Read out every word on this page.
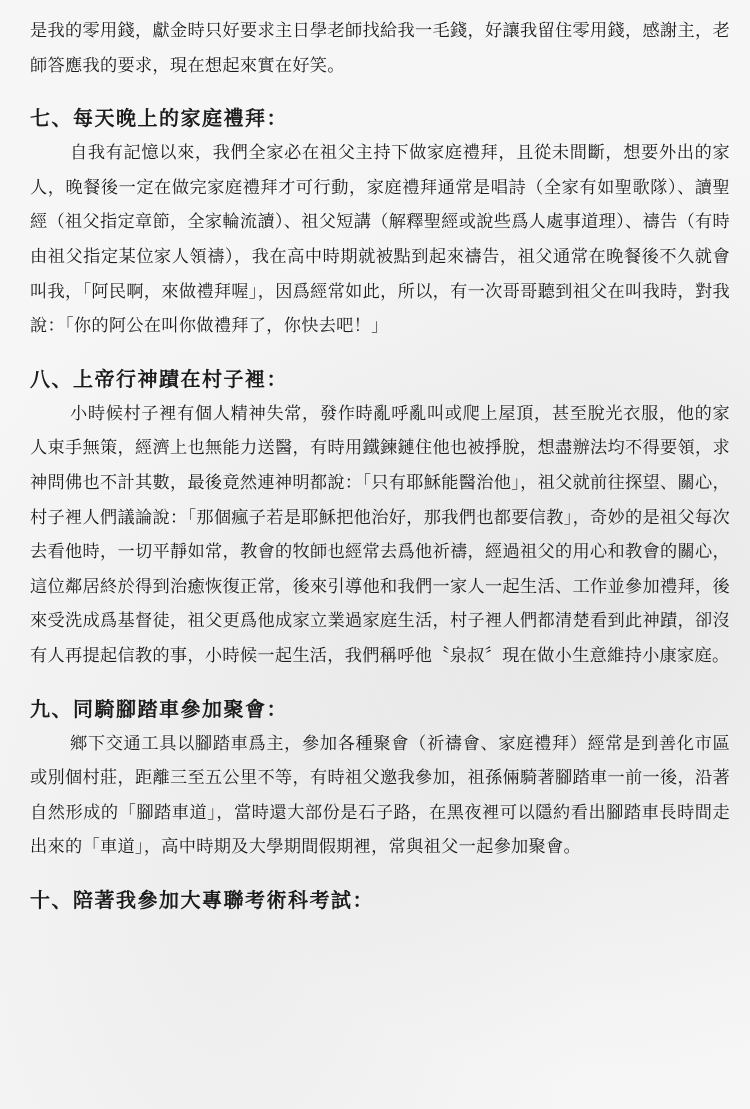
是我的零用錢，獻金時只好要求主日學老師找給我一毛錢，好讓我留住零用錢，感謝主，老師答應我的要求，現在想起來實在好笑。

七、每天晚上的家庭禮拜：

自我有記憶以來，我們全家必在祖父主持下做家庭禮拜，且從未間斷，想要外出的家人，晚餐後一定在做完家庭禮拜才可行動，家庭禮拜通常是唱詩（全家有如聖歌隊）、讀聖經（祖父指定章節，全家輪流讀）、祖父短講（解釋聖經或說些爲人處事道理）、禱告（有時由祖父指定某位家人領禱），我在高中時期就被點到起來禱告，祖父通常在晚餐後不久就會叫我，「阿民啊，來做禮拜喔」，因爲經常如此，所以，有一次哥哥聽到祖父在叫我時，對我說：「你的阿公在叫你做禮拜了，你快去吧！」

八、上帝行神蹟在村子裡：

小時候村子裡有個人精神失常，發作時亂呼亂叫或爬上屋頂，甚至脫光衣服，他的家人束手無策，經濟上也無能力送醫，有時用鐵鍊鏈住他也被掙脫，想盡辦法均不得要領，求神問佛也不計其數，最後竟然連神明都說：「只有耶穌能醫治他」，祖父就前往探望、關心，村子裡人們議論說：「那個瘋子若是耶穌把他治好，那我們也都要信教」，奇妙的是祖父每次去看他時，一切平靜如常，教會的牧師也經常去爲他祈禱，經過祖父的用心和教會的關心，這位鄰居終於得到治癒恢復正常，後來引導他和我們一家人一起生活、工作並參加禮拜，後來受洗成爲基督徒，祖父更爲他成家立業過家庭生活，村子裡人們都清楚看到此神蹟，卻沒有人再提起信教的事，小時候一起生活，我們稱呼他〝泉叔〞現在做小生意維持小康家庭。

九、同騎腳踏車參加聚會：

鄉下交通工具以腳踏車爲主，參加各種聚會（祈禱會、家庭禮拜）經常是到善化市區或別個村莊，距離三至五公里不等，有時祖父邀我參加，祖孫倆騎著腳踏車一前一後，沿著自然形成的「腳踏車道」，當時還大部份是石子路，在黑夜裡可以隱約看出腳踏車長時間走出來的「車道」，高中時期及大學期間假期裡，常與祖父一起參加聚會。

十、陪著我參加大專聯考術科考試：
